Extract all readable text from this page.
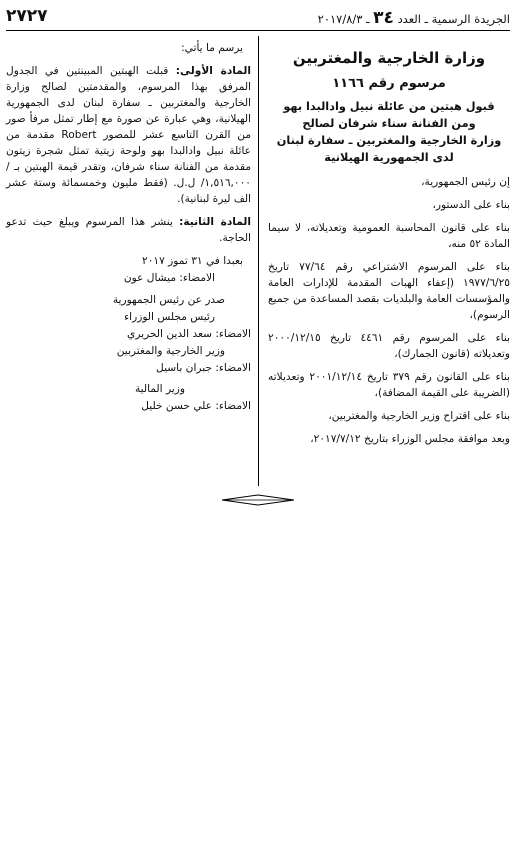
٢٧٢٧	الجريدة الرسمية ـ العدد ٣٤ ـ ٢٠١٧/٨/٣
وزارة الخارجية والمغتربين
مرسوم رقم ١١٦٦
قبول هبتين من عائلة نبيل وادالبدا بهو
ومن الفنانة سناء شرفان لصالح
وزارة الخارجية والمغتربين ـ سفارة لبنان
لدى الجمهورية الهيلانية

إن رئيس الجمهورية،

بناء على الدستور،

بناء على قانون المحاسبة العمومية وتعديلاته، لا سيما المادة ٥٢ منه،

بناء على المرسوم الاشتراعي رقم ٧٧/٦٤ تاريخ ١٩٧٧/٦/٢٥ (إعفاء الهبات المقدمة للإدارات العامة والمؤسسات العامة والبلديات بقصد المساعدة من جميع الرسوم)،

بناء على المرسوم رقم ٤٤٦١ تاريخ ٢٠٠٠/١٢/١٥ وتعديلاته (قانون الجمارك)،

بناء على القانون رقم ٣٧٩ تاريخ ٢٠٠١/١٢/١٤ وتعديلاته (الضريبة على القيمة المضافة)،

بناء على اقتراح وزير الخارجية والمغتربين،

وبعد موافقة مجلس الوزراء بتاريخ ٢٠١٧/٧/١٢،

يرسم ما يأتي:

المادة الأولى: قبلت الهبتين المبينتين في الجدول المرفق بهذا المرسوم، والمقدمتين لصالح وزارة الخارجية والمغتربين ـ سفارة لبنان لدى الجمهورية الهيلانية، وهي عبارة عن صورة مع إطار تمثل مرفأ صور من القرن التاسع عشر للمصور Robert مقدمة من عائلة نبيل وادالبدا بهو ولوحة زيتية تمثل شجرة زيتون مقدمة من الفنانة سناء شرفان، وتقدر قيمة الهبتين بـ /١,٥١٦,٠٠٠/ ل.ل. (فقط مليون وخمسمائة وستة عشر الف ليرة لبنانية).

المادة الثانية: ينشر هذا المرسوم ويبلغ حيث تدعو الحاجة.

بعبدا في ٣١ تموز ٢٠١٧

الامضاء: ميشال عون

صدر عن رئيس الجمهورية

رئيس مجلس الوزراء

الامضاء: سعد الدين الحريري

وزير الخارجية والمغتربين

الامضاء: جبران باسيل

وزير المالية

الامضاء: علي حسن خليل
